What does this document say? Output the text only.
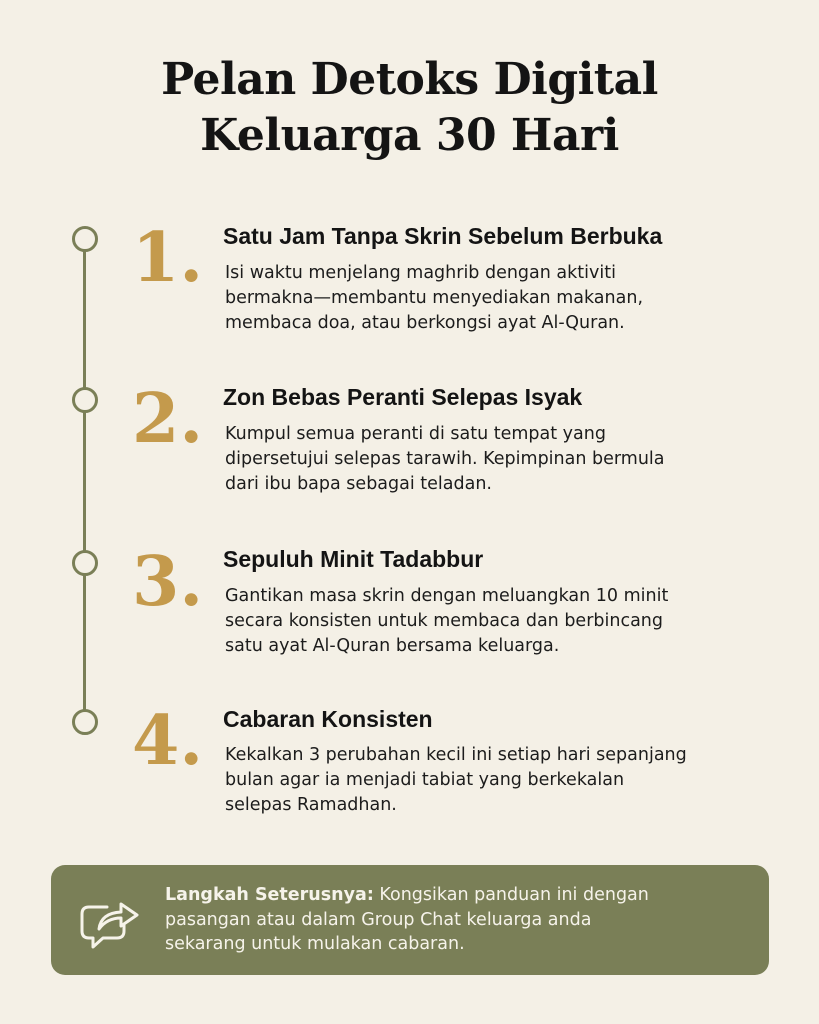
Pelan Detoks Digital
Keluarga 30 Hari
1. Satu Jam Tanpa Skrin Sebelum Berbuka
Isi waktu menjelang maghrib dengan aktiviti
bermakna—membantu menyediakan makanan,
membaca doa, atau berkongsi ayat Al-Quran.
2. Zon Bebas Peranti Selepas Isyak
Kumpul semua peranti di satu tempat yang
dipersetujui selepas tarawih. Kepimpinan bermula
dari ibu bapa sebagai teladan.
3. Sepuluh Minit Tadabbur
Gantikan masa skrin dengan meluangkan 10 minit
secara konsisten untuk membaca dan berbincang
satu ayat Al-Quran bersama keluarga.
4. Cabaran Konsisten
Kekalkan 3 perubahan kecil ini setiap hari sepanjang
bulan agar ia menjadi tabiat yang berkekalan
selepas Ramadhan.
Langkah Seterusnya: Kongsikan panduan ini dengan
pasangan atau dalam Group Chat keluarga anda
sekarang untuk mulakan cabaran.
